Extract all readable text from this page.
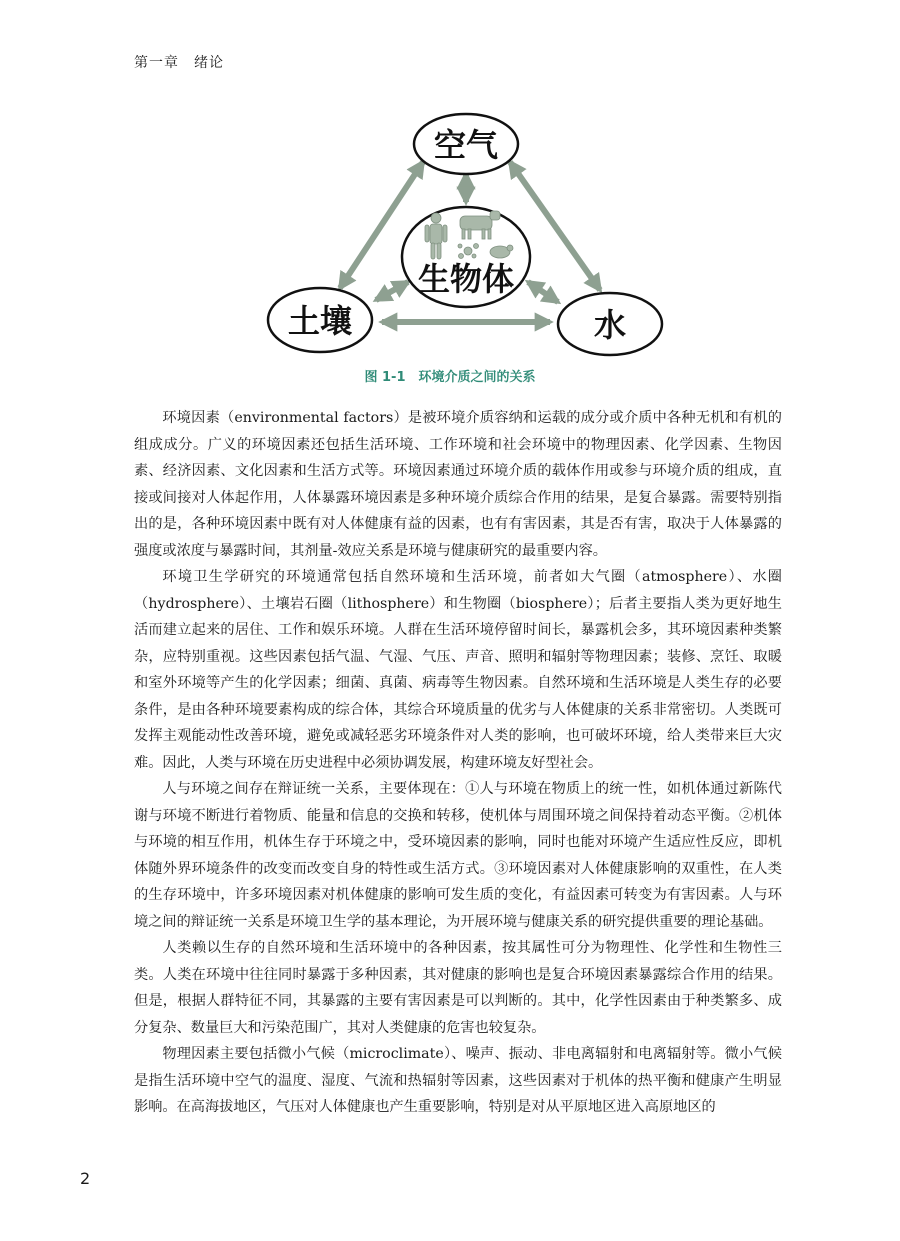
第一章　绪论
空气
生物体
土壤	水
图 1-1　环境介质之间的关系

环境因素（environmental factors）是被环境介质容纳和运载的成分或介质中各种无机和有机的组成成分。广义的环境因素还包括生活环境、工作环境和社会环境中的物理因素、化学因素、生物因素、经济因素、文化因素和生活方式等。环境因素通过环境介质的载体作用或参与环境介质的组成，直接或间接对人体起作用，人体暴露环境因素是多种环境介质综合作用的结果，是复合暴露。需要特别指出的是，各种环境因素中既有对人体健康有益的因素，也有有害因素，其是否有害，取决于人体暴露的强度或浓度与暴露时间，其剂量-效应关系是环境与健康研究的最重要内容。

环境卫生学研究的环境通常包括自然环境和生活环境，前者如大气圈（atmosphere）、水圈（hydrosphere）、土壤岩石圈（lithosphere）和生物圈（biosphere）；后者主要指人类为更好地生活而建立起来的居住、工作和娱乐环境。人群在生活环境停留时间长，暴露机会多，其环境因素种类繁杂，应特别重视。这些因素包括气温、气湿、气压、声音、照明和辐射等物理因素；装修、烹饪、取暖和室外环境等产生的化学因素；细菌、真菌、病毒等生物因素。自然环境和生活环境是人类生存的必要条件，是由各种环境要素构成的综合体，其综合环境质量的优劣与人体健康的关系非常密切。人类既可发挥主观能动性改善环境，避免或减轻恶劣环境条件对人类的影响，也可破坏环境，给人类带来巨大灾难。因此，人类与环境在历史进程中必须协调发展，构建环境友好型社会。

人与环境之间存在辩证统一关系，主要体现在：①人与环境在物质上的统一性，如机体通过新陈代谢与环境不断进行着物质、能量和信息的交换和转移，使机体与周围环境之间保持着动态平衡。②机体与环境的相互作用，机体生存于环境之中，受环境因素的影响，同时也能对环境产生适应性反应，即机体随外界环境条件的改变而改变自身的特性或生活方式。③环境因素对人体健康影响的双重性，在人类的生存环境中，许多环境因素对机体健康的影响可发生质的变化，有益因素可转变为有害因素。人与环境之间的辩证统一关系是环境卫生学的基本理论，为开展环境与健康关系的研究提供重要的理论基础。

人类赖以生存的自然环境和生活环境中的各种因素，按其属性可分为物理性、化学性和生物性三类。人类在环境中往往同时暴露于多种因素，其对健康的影响也是复合环境因素暴露综合作用的结果。但是，根据人群特征不同，其暴露的主要有害因素是可以判断的。其中，化学性因素由于种类繁多、成分复杂、数量巨大和污染范围广，其对人类健康的危害也较复杂。

物理因素主要包括微小气候（microclimate）、噪声、振动、非电离辐射和电离辐射等。微小气候是指生活环境中空气的温度、湿度、气流和热辐射等因素，这些因素对于机体的热平衡和健康产生明显影响。在高海拔地区，气压对人体健康也产生重要影响，特别是对从平原地区进入高原地区的

2
